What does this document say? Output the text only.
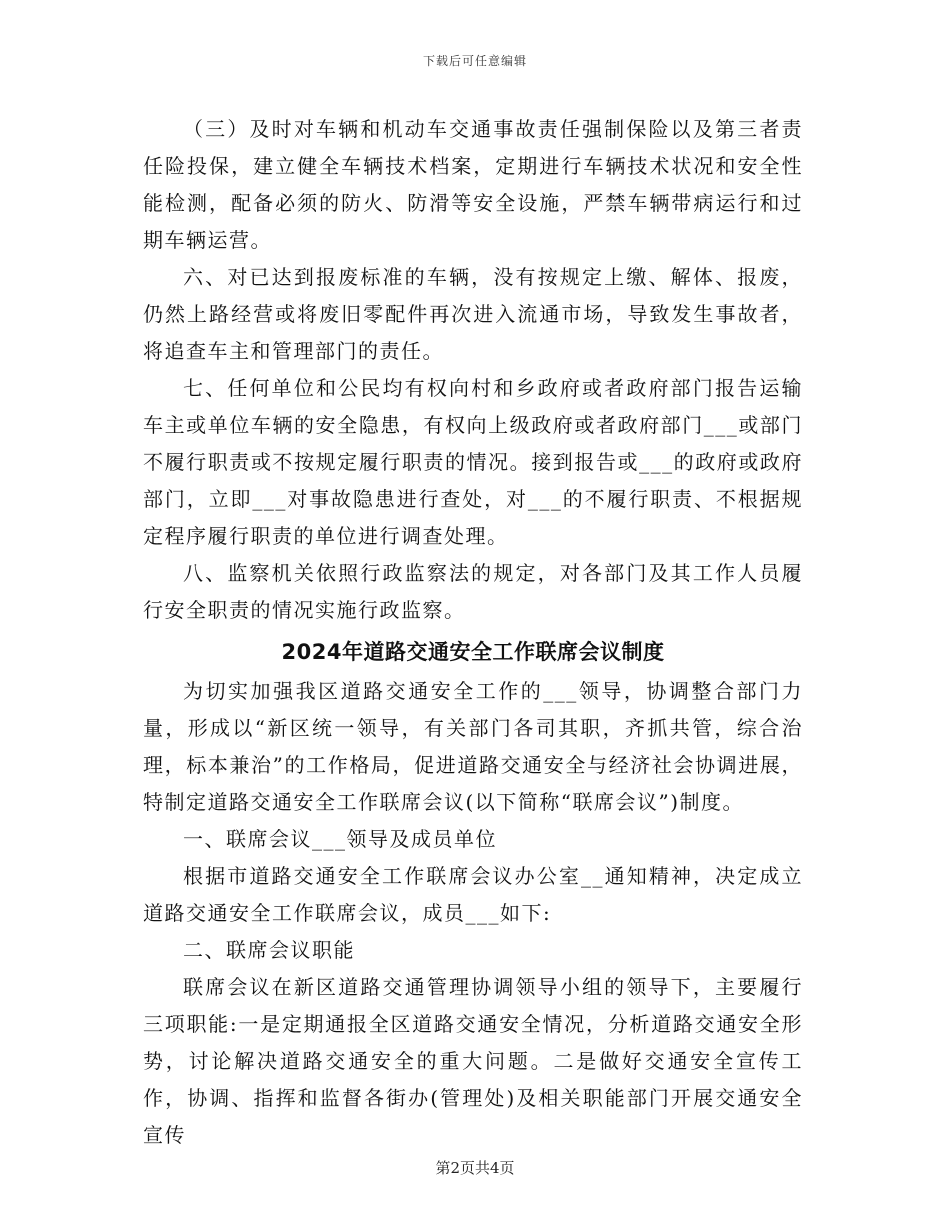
下载后可任意编辑

（三）及时对车辆和机动车交通事故责任强制保险以及第三者责任险投保，建立健全车辆技术档案，定期进行车辆技术状况和安全性能检测，配备必须的防火、防滑等安全设施，严禁车辆带病运行和过期车辆运营。

六、对已达到报废标准的车辆，没有按规定上缴、解体、报废，仍然上路经营或将废旧零配件再次进入流通市场，导致发生事故者，将追查车主和管理部门的责任。

七、任何单位和公民均有权向村和乡政府或者政府部门报告运输车主或单位车辆的安全隐患，有权向上级政府或者政府部门___或部门不履行职责或不按规定履行职责的情况。接到报告或___的政府或政府部门，立即___对事故隐患进行查处，对___的不履行职责、不根据规定程序履行职责的单位进行调查处理。

八、监察机关依照行政监察法的规定，对各部门及其工作人员履行安全职责的情况实施行政监察。

2024年道路交通安全工作联席会议制度

为切实加强我区道路交通安全工作的___领导，协调整合部门力量，形成以“新区统一领导，有关部门各司其职，齐抓共管，综合治理，标本兼治”的工作格局，促进道路交通安全与经济社会协调进展，特制定道路交通安全工作联席会议(以下简称“联席会议”)制度。

一、联席会议___领导及成员单位

根据市道路交通安全工作联席会议办公室__通知精神，决定成立道路交通安全工作联席会议，成员___如下:

二、联席会议职能

联席会议在新区道路交通管理协调领导小组的领导下，主要履行三项职能:一是定期通报全区道路交通安全情况，分析道路交通安全形势，讨论解决道路交通安全的重大问题。二是做好交通安全宣传工作，协调、指挥和监督各街办(管理处)及相关职能部门开展交通安全宣传

第2页共4页
